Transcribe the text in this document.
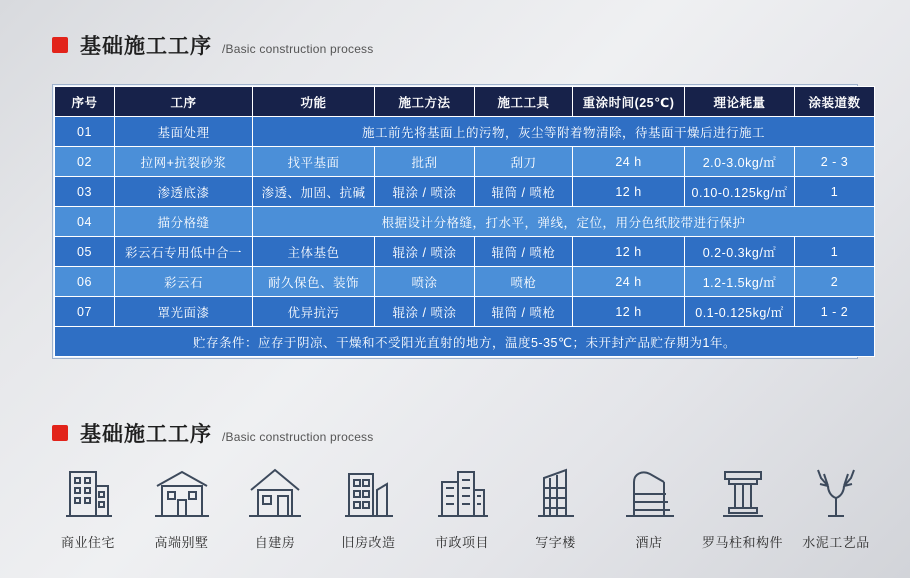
基础施工工序 /Basic construction process
序号	工序	功能	施工方法	施工工具	重涂时间(25℃)	理论耗量	涂装道数
01	基面处理	施工前先将基面上的污物，灰尘等附着物清除，待基面干燥后进行施工					
02	拉网+抗裂砂浆	找平基面	批刮	刮刀	24 h	2.0-3.0kg/㎡	2 - 3
03	渗透底漆	渗透、加固、抗碱	辊涂 / 喷涂	辊筒 / 喷枪	12 h	0.10-0.125kg/㎡	1
04	描分格缝	根据设计分格缝，打水平，弹线，定位，用分色纸胶带进行保护					
05	彩云石专用低中合一	主体基色	辊涂 / 喷涂	辊筒 / 喷枪	12 h	0.2-0.3kg/㎡	1
06	彩云石	耐久保色、装饰	喷涂	喷枪	24 h	1.2-1.5kg/㎡	2
07	罩光面漆	优异抗污	辊涂 / 喷涂	辊筒 / 喷枪	12 h	0.1-0.125kg/㎡	1 - 2
贮存条件：应存于阴凉、干燥和不受阳光直射的地方，温度5-35℃；未开封产品贮存期为1年。							
基础施工工序 /Basic construction process
商业住宅	高端别墅	自建房	旧房改造	市政项目	写字楼	酒店	罗马柱和构件	水泥工艺品
